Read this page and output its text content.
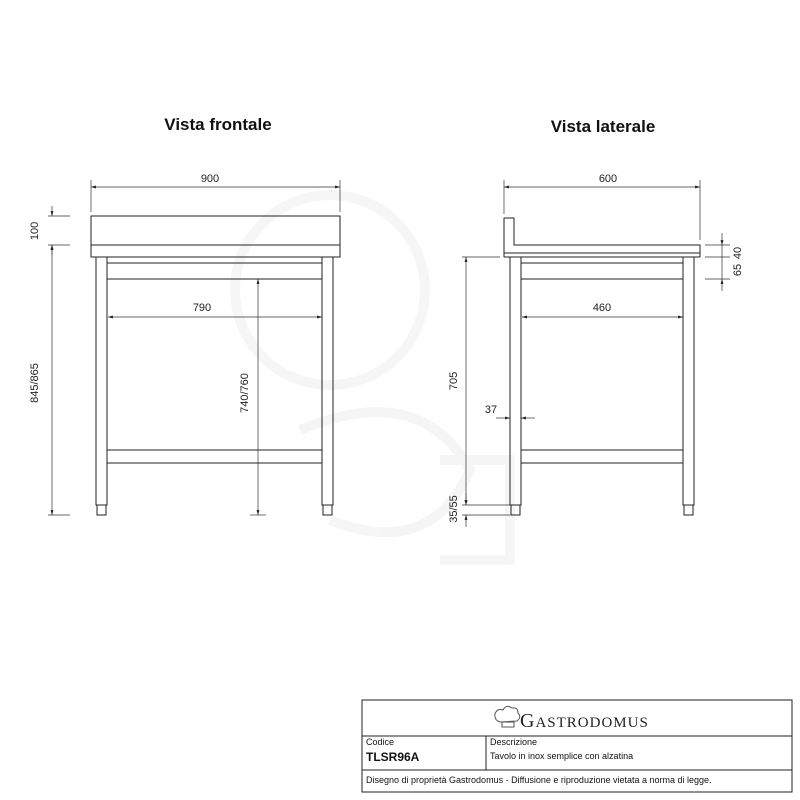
Vista frontale
900
790
100
845/865	740/760
Vista laterale
600
460
40
65
705
37
35/55
GASTRODOMUS
Codice
TLSR96A
Descrizione
Tavolo in inox semplice con alzatina
Disegno di proprietà Gastrodomus - Diffusione e riproduzione vietata a norma di legge.
